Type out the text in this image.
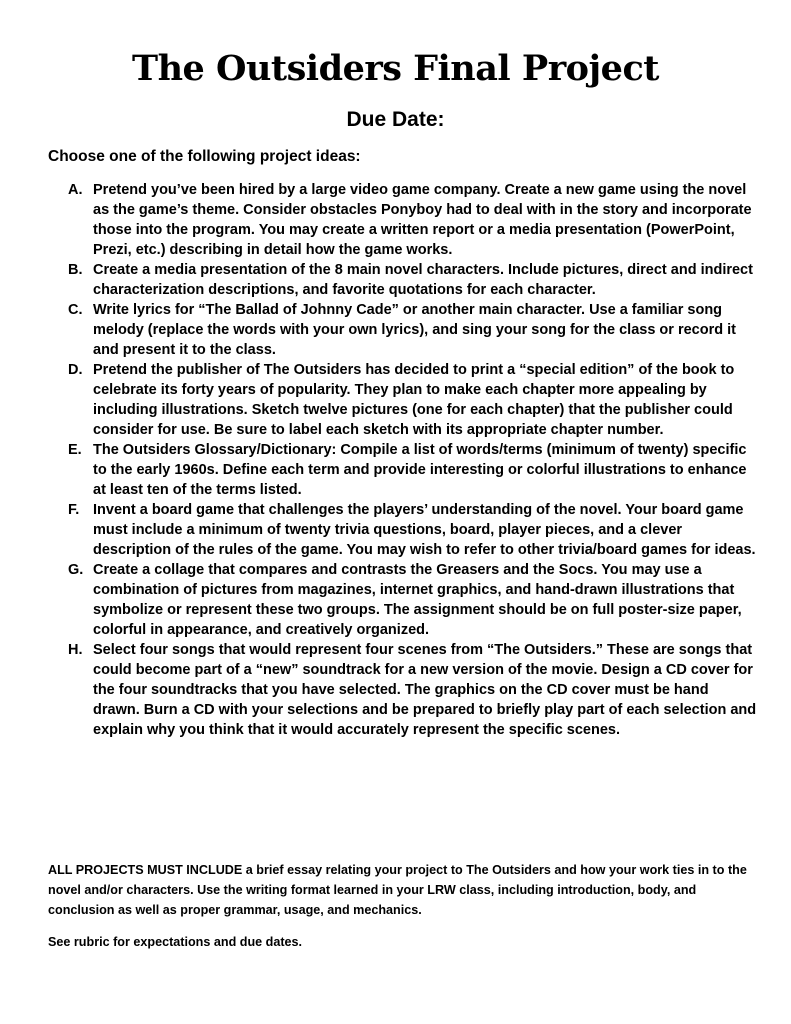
The Outsiders Final Project
Due Date:
Choose one of the following project ideas:
A. Pretend you’ve been hired by a large video game company. Create a new game using the novel as the game’s theme. Consider obstacles Ponyboy had to deal with in the story and incorporate those into the program. You may create a written report or a media presentation (PowerPoint, Prezi, etc.) describing in detail how the game works.
B. Create a media presentation of the 8 main novel characters. Include pictures, direct and indirect characterization descriptions, and favorite quotations for each character.
C. Write lyrics for “The Ballad of Johnny Cade” or another main character. Use a familiar song melody (replace the words with your own lyrics), and sing your song for the class or record it and present it to the class.
D. Pretend the publisher of The Outsiders has decided to print a “special edition” of the book to celebrate its forty years of popularity. They plan to make each chapter more appealing by including illustrations. Sketch twelve pictures (one for each chapter) that the publisher could consider for use. Be sure to label each sketch with its appropriate chapter number.
E. The Outsiders Glossary/Dictionary: Compile a list of words/terms (minimum of twenty) specific to the early 1960s. Define each term and provide interesting or colorful illustrations to enhance at least ten of the terms listed.
F. Invent a board game that challenges the players’ understanding of the novel. Your board game must include a minimum of twenty trivia questions, board, player pieces, and a clever description of the rules of the game. You may wish to refer to other trivia/board games for ideas.
G. Create a collage that compares and contrasts the Greasers and the Socs. You may use a combination of pictures from magazines, internet graphics, and hand-drawn illustrations that symbolize or represent these two groups. The assignment should be on full poster-size paper, colorful in appearance, and creatively organized.
H. Select four songs that would represent four scenes from “The Outsiders.” These are songs that could become part of a “new” soundtrack for a new version of the movie. Design a CD cover for the four soundtracks that you have selected. The graphics on the CD cover must be hand drawn. Burn a CD with your selections and be prepared to briefly play part of each selection and explain why you think that it would accurately represent the specific scenes.
ALL PROJECTS MUST INCLUDE a brief essay relating your project to The Outsiders and how your work ties in to the novel and/or characters. Use the writing format learned in your LRW class, including introduction, body, and conclusion as well as proper grammar, usage, and mechanics.
See rubric for expectations and due dates.
